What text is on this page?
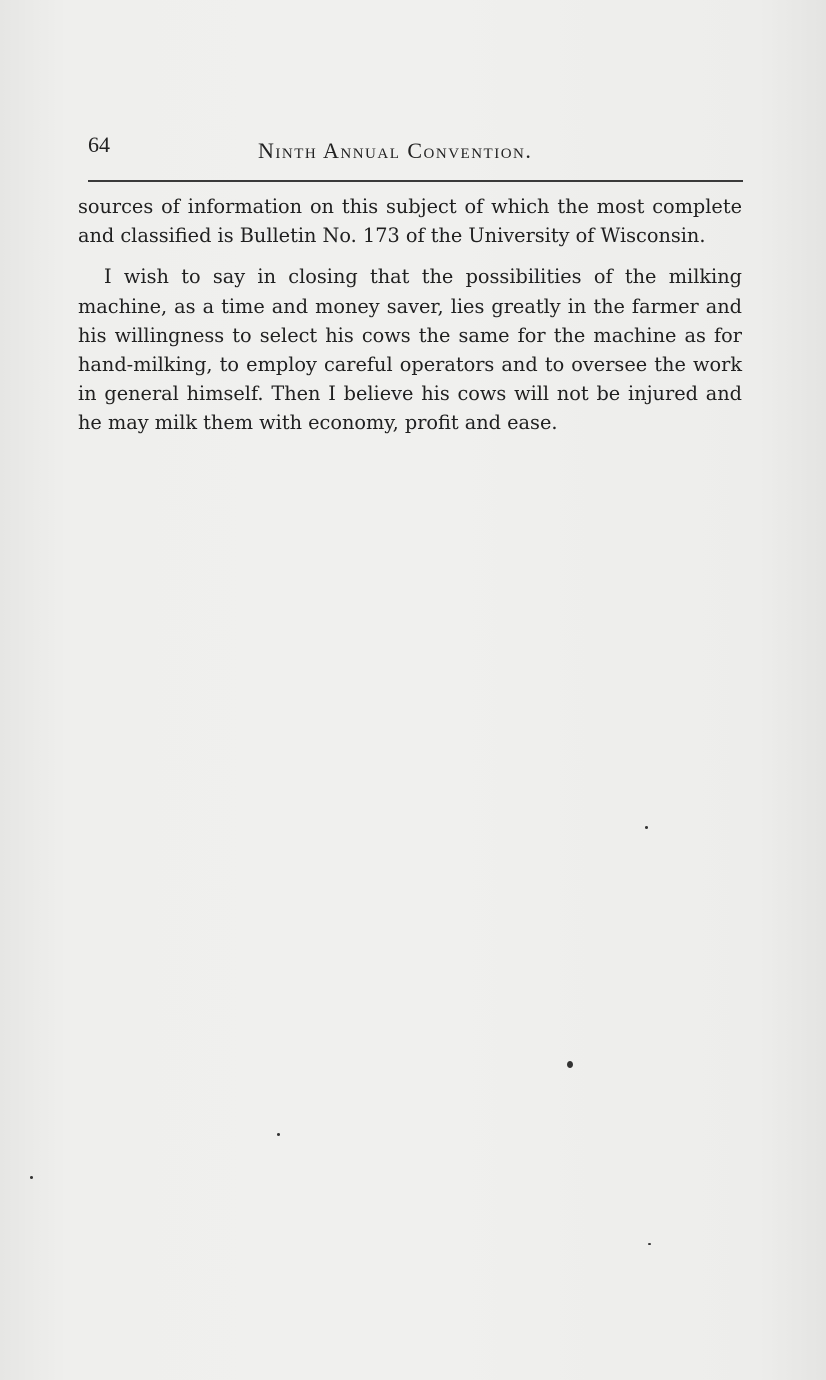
64	Ninth Annual Convention.

sources of information on this subject of which the most complete and classified is Bulletin No. 173 of the University of Wisconsin.

I wish to say in closing that the possibilities of the milking machine, as a time and money saver, lies greatly in the farmer and his willingness to select his cows the same for the machine as for hand-milking, to employ careful operators and to oversee the work in general himself. Then I believe his cows will not be injured and he may milk them with economy, profit and ease.
